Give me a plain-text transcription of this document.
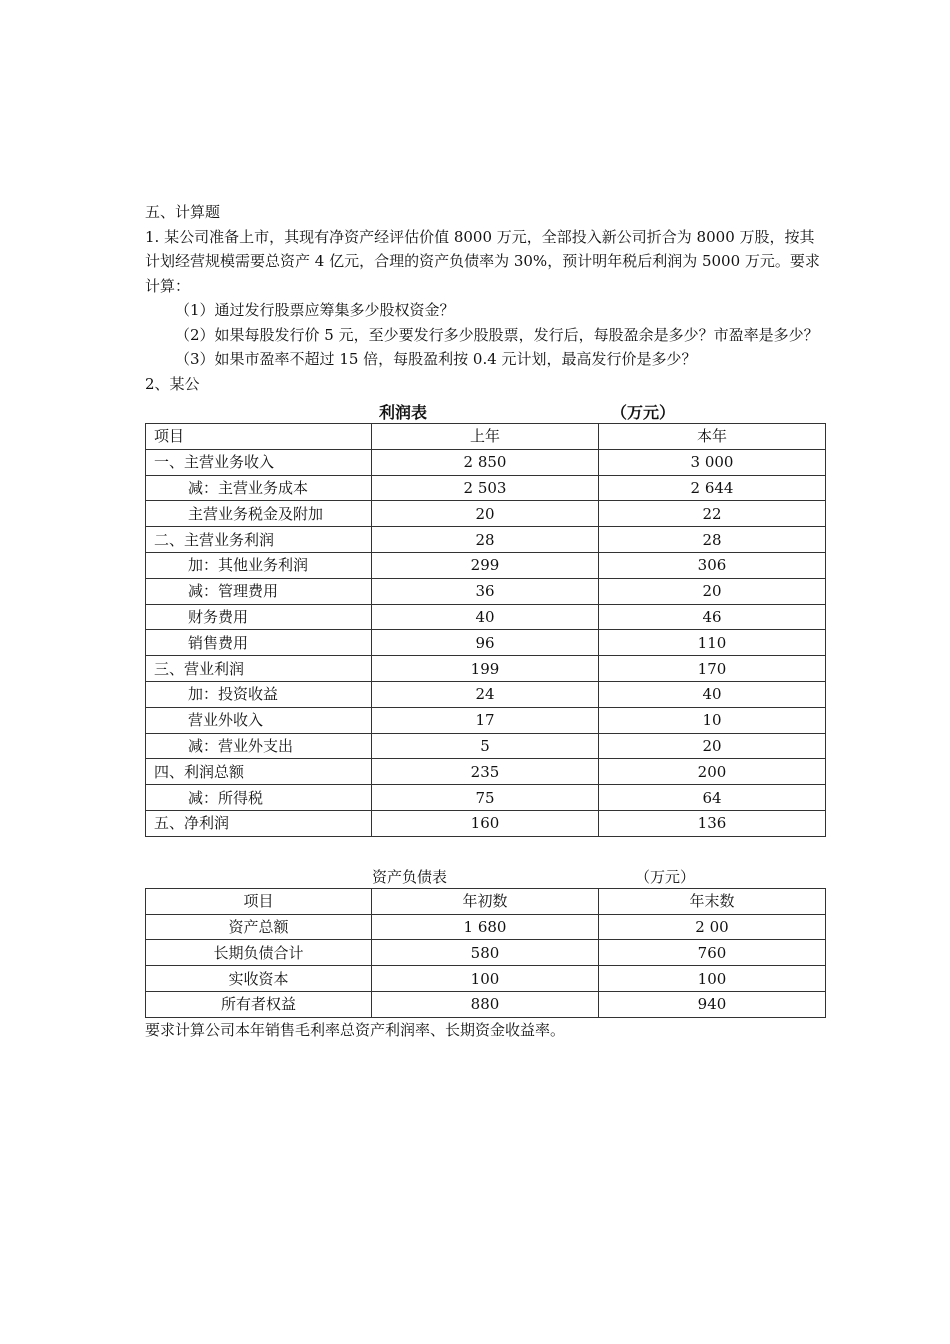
五、计算题

1. 某公司准备上市，其现有净资产经评估价值 8000 万元，全部投入新公司折合为 8000 万股，按其计划经营规模需要总资产 4 亿元，合理的资产负债率为 30%，预计明年税后利润为 5000 万元。要求计算：

（1）通过发行股票应筹集多少股权资金？

（2）如果每股发行价 5 元，至少要发行多少股股票，发行后，每股盈余是多少？市盈率是多少？

（3）如果市盈率不超过 15 倍，每股盈利按 0.4 元计划，最高发行价是多少？

2、某公

利润表	（万元）
项目	上年	本年
一、主营业务收入	2 850	3 000
减：主营业务成本	2 503	2 644
主营业务税金及附加	20	22
二、主营业务利润	28	28
加：其他业务利润	299	306
减：管理费用	36	20
财务费用	40	46
销售费用	96	110
三、营业利润	199	170
加：投资收益	24	40
营业外收入	17	10
减：营业外支出	5	20
四、利润总额	235	200
减：所得税	75	64
五、净利润	160	136
资产负债表	（万元）
项目	年初数	年末数
资产总额	1 680	2 00
长期负债合计	580	760
实收资本	100	100
所有者权益	880	940

要求计算公司本年销售毛利率总资产利润率、长期资金收益率。
